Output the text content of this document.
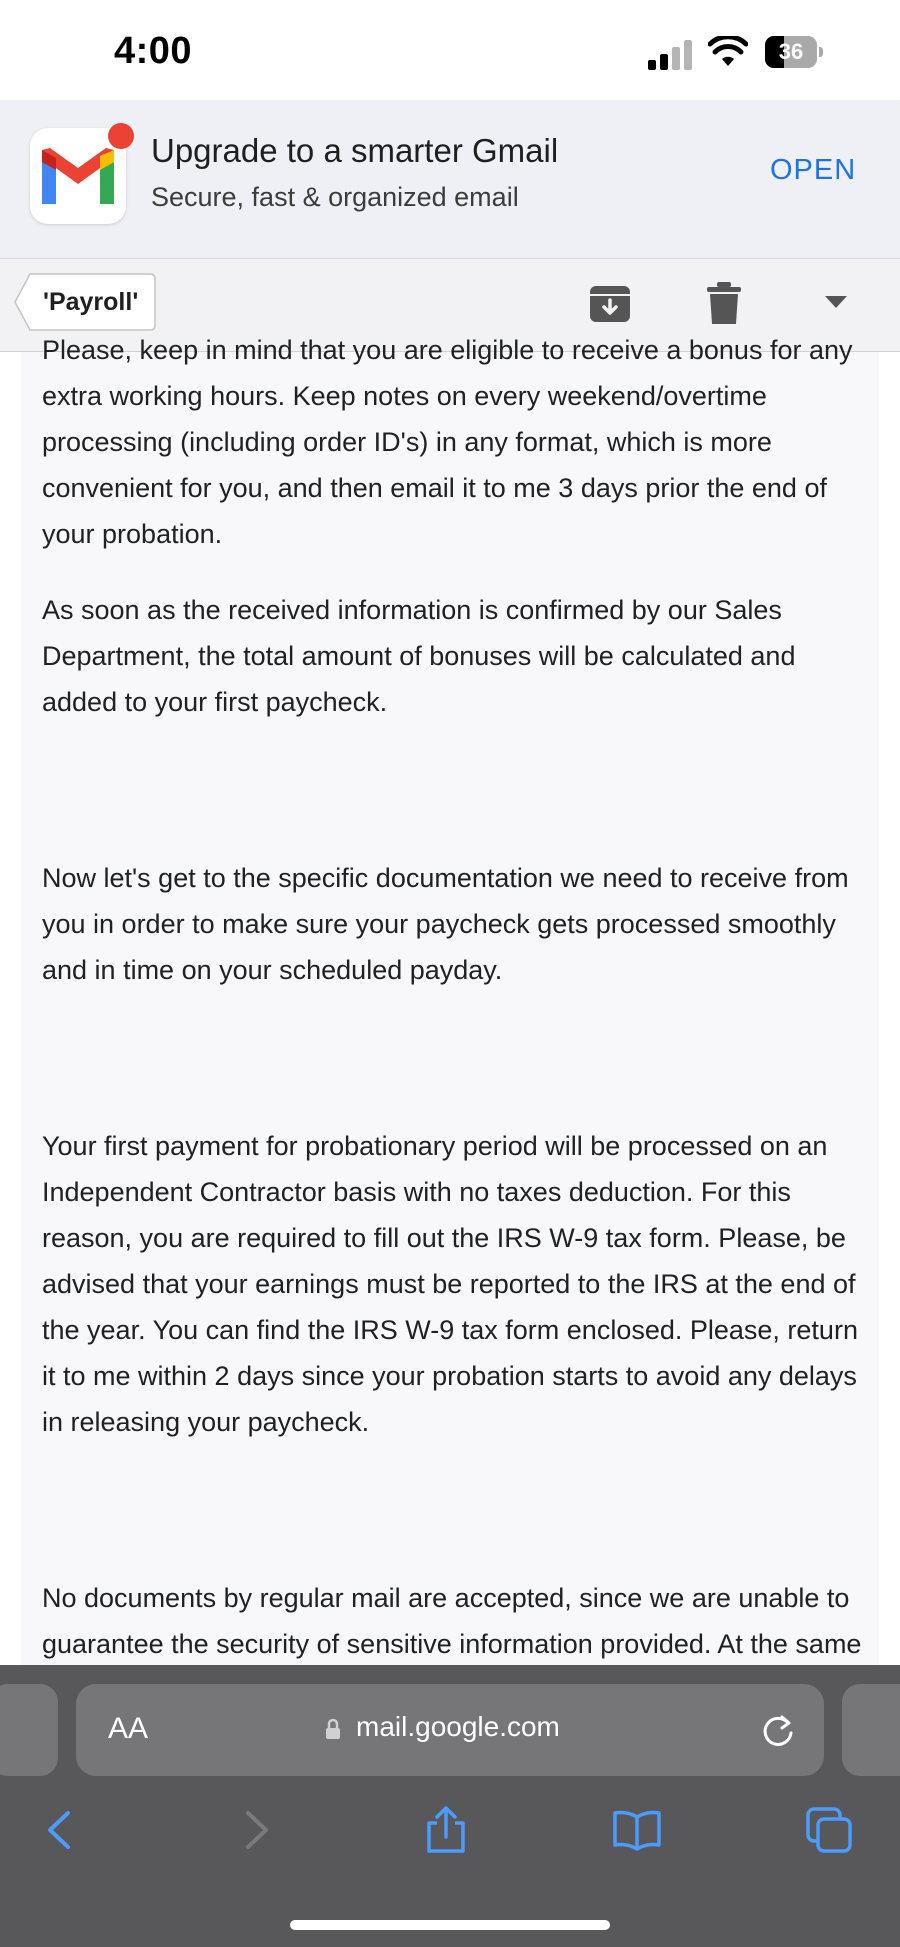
4:00	36
Upgrade to a smarter Gmail
Secure, fast & organized email
OPEN
'Payroll'

Please, keep in mind that you are eligible to receive a bonus for any extra working hours. Keep notes on every weekend/overtime processing (including order ID's) in any format, which is more convenient for you, and then email it to me 3 days prior the end of your probation.

As soon as the received information is confirmed by our Sales Department, the total amount of bonuses will be calculated and added to your first paycheck.

Now let's get to the specific documentation we need to receive from you in order to make sure your paycheck gets processed smoothly and in time on your scheduled payday.

Your first payment for probationary period will be processed on an Independent Contractor basis with no taxes deduction. For this reason, you are required to fill out the IRS W-9 tax form. Please, be advised that your earnings must be reported to the IRS at the end of the year. You can find the IRS W-9 tax form enclosed. Please, return it to me within 2 days since your probation starts to avoid any delays in releasing your paycheck.

No documents by regular mail are accepted, since we are unable to guarantee the security of sensitive information provided. At the same

AA	mail.google.com
